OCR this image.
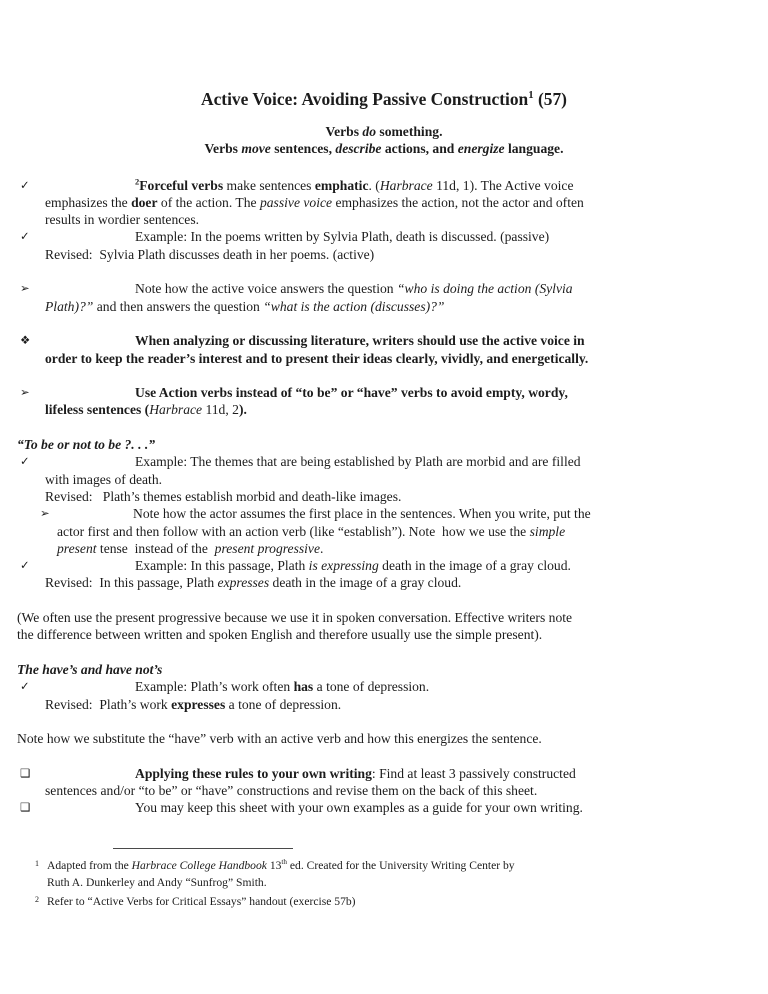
Active Voice: Avoiding Passive Construction$^1$ (57)
Verbs do something.
Verbs move sentences, describe actions, and energize language.
✓	$^2$Forceful verbs make sentences emphatic. (Harbrace 11d, 1). The Active voice
emphasizes the doer of the action. The passive voice emphasizes the action, not the actor and often
results in wordier sentences.
✓	Example: In the poems written by Sylvia Plath, death is discussed. (passive)
Revised:  Sylvia Plath discusses death in her poems. (active)
➢	Note how the active voice answers the question “who is doing the action (Sylvia
Plath)?” and then answers the question “what is the action (discusses)?”
❖	When analyzing or discussing literature, writers should use the active voice in
order to keep the reader’s interest and to present their ideas clearly, vividly, and energetically.
➢	Use Action verbs instead of “to be” or “have” verbs to avoid empty, wordy,
lifeless sentences (Harbrace 11d, 2).
“To be or not to be ?. . .”
✓	Example: The themes that are being established by Plath are morbid and are filled
with images of death.
Revised:   Plath’s themes establish morbid and death-like images.
➢	Note how the actor assumes the first place in the sentences. When you write, put the
actor first and then follow with an action verb (like “establish”). Note  how we use the simple
present tense  instead of the  present progressive.
✓	Example: In this passage, Plath is expressing death in the image of a gray cloud.
Revised:  In this passage, Plath expresses death in the image of a gray cloud.
(We often use the present progressive because we use it in spoken conversation. Effective writers note
the difference between written and spoken English and therefore usually use the simple present).
The have’s and have not’s
✓	Example: Plath’s work often has a tone of depression.
Revised:  Plath’s work expresses a tone of depression.
Note how we substitute the “have” verb with an active verb and how this energizes the sentence.
❑	Applying these rules to your own writing: Find at least 3 passively constructed
sentences and/or “to be” or “have” constructions and revise them on the back of this sheet.
❑	You may keep this sheet with your own examples as a guide for your own writing.
1 Adapted from the Harbrace College Handbook 13th ed. Created for the University Writing Center by
Ruth A. Dunkerley and Andy “Sunfrog” Smith.
2 Refer to “Active Verbs for Critical Essays” handout (exercise 57b)
